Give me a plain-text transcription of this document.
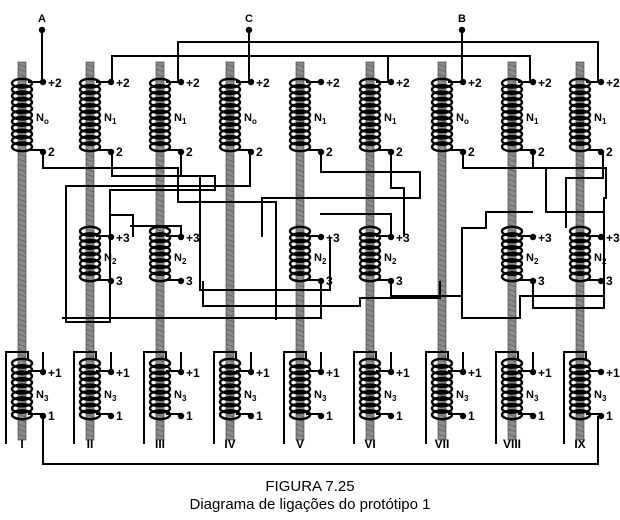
+2
2
$N_o$
+1
1
$N_3$
I
+2
2
$N_1$
+3
3
$N_2$
+1
1
$N_3$
II
+2
2
$N_1$
+3
3
$N_2$
+1
1
$N_3$
III
+2
2
$N_o$
+1
1
$N_3$
IV
+2
2
$N_1$
+3
3
$N_2$
+1
1
$N_3$
V
+2
2
$N_1$
+3
3
$N_2$
+1
1
$N_3$
VI
+2
2
$N_o$
+1
1
$N_3$
VII
+2
2
$N_1$
+3
3
$N_2$
+1
1
$N_3$
VIII
+2
2
$N_1$
+3
3
$N_2$
+1
1
$N_3$
IX
A	C	B
FIGURA 7.25
Diagrama de ligações do protótipo 1
